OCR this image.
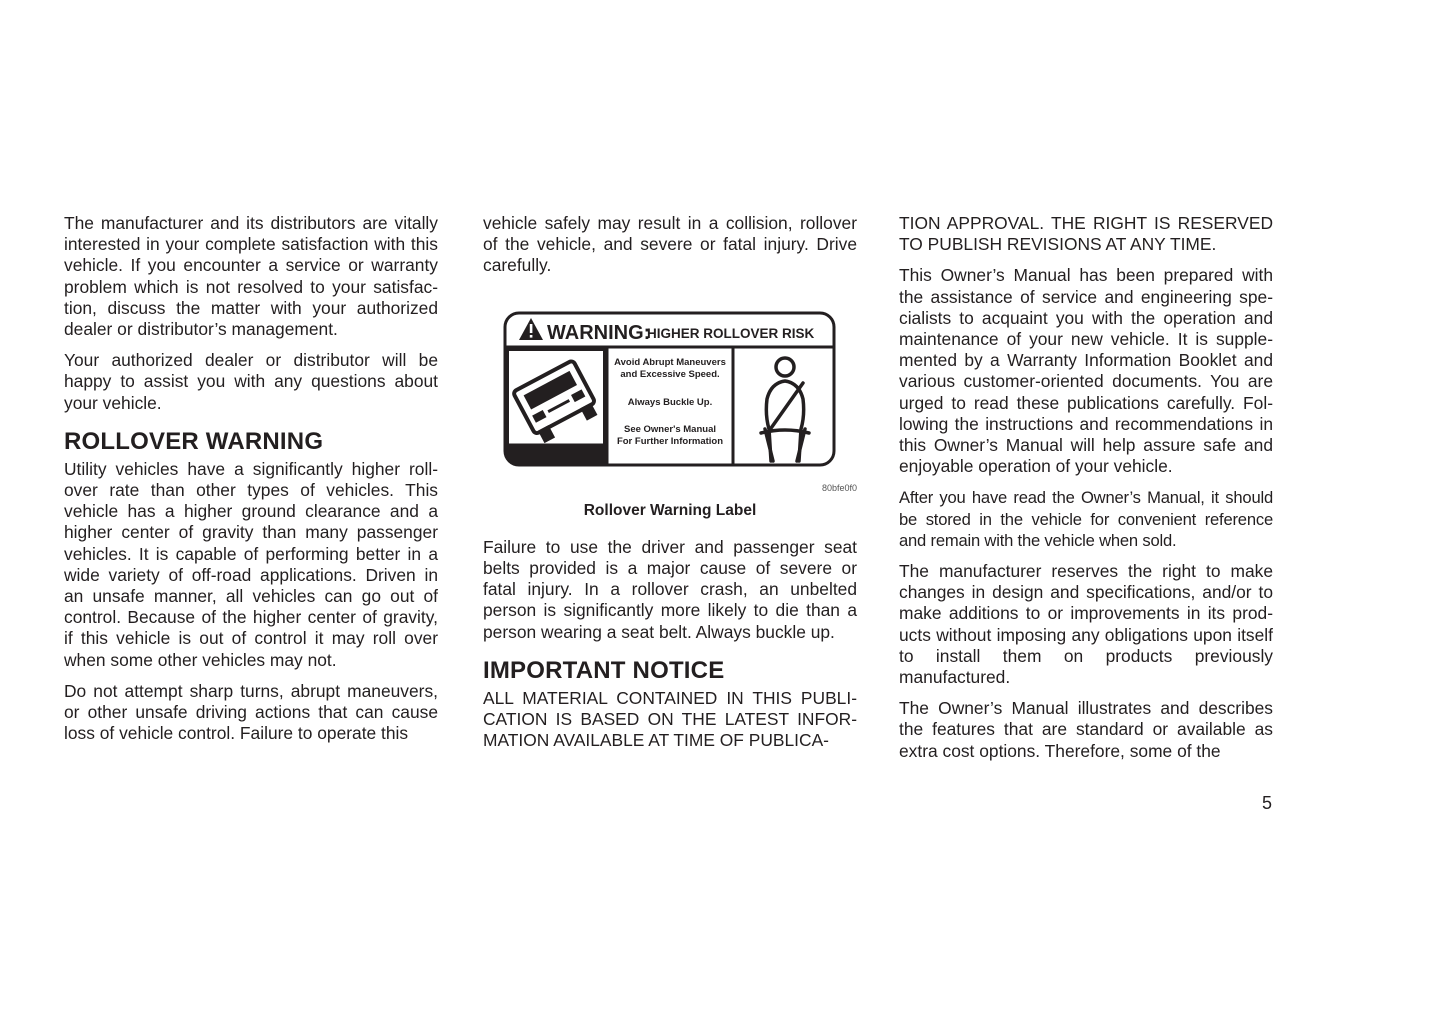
The manufacturer and its distributors are vitally interested in your complete satisfaction with this vehicle. If you encounter a service or warranty problem which is not resolved to your satisfaction, discuss the matter with your authorized dealer or distributor’s management.

Your authorized dealer or distributor will be happy to assist you with any questions about your vehicle.

ROLLOVER WARNING

Utility vehicles have a significantly higher rollover rate than other types of vehicles. This vehicle has a higher ground clearance and a higher center of gravity than many passenger vehicles. It is capable of performing better in a wide variety of off-road applications. Driven in an unsafe manner, all vehicles can go out of control. Because of the higher center of gravity, if this vehicle is out of control it may roll over when some other vehicles may not.

Do not attempt sharp turns, abrupt maneuvers, or other unsafe driving actions that can cause loss of vehicle control. Failure to operate this

vehicle safely may result in a collision, rollover of the vehicle, and severe or fatal injury. Drive carefully.

WARNING:
HIGHER ROLLOVER RISK
Avoid Abrupt Maneuvers
and Excessive Speed.
Always Buckle Up.
See Owner's Manual
For Further Information
80bfe0f0
Rollover Warning Label

Failure to use the driver and passenger seat belts provided is a major cause of severe or fatal injury. In a rollover crash, an unbelted person is significantly more likely to die than a person wearing a seat belt. Always buckle up.

IMPORTANT NOTICE

ALL MATERIAL CONTAINED IN THIS PUBLICATION IS BASED ON THE LATEST INFORMATION AVAILABLE AT TIME OF PUBLICA-

TION APPROVAL. THE RIGHT IS RESERVED TO PUBLISH REVISIONS AT ANY TIME.

This Owner’s Manual has been prepared with the assistance of service and engineering specialists to acquaint you with the operation and maintenance of your new vehicle. It is supplemented by a Warranty Information Booklet and various customer-oriented documents. You are urged to read these publications carefully. Following the instructions and recommendations in this Owner’s Manual will help assure safe and enjoyable operation of your vehicle.

After you have read the Owner’s Manual, it should be stored in the vehicle for convenient reference and remain with the vehicle when sold.

The manufacturer reserves the right to make changes in design and specifications, and/or to make additions to or improvements in its products without imposing any obligations upon itself to install them on products previously manufactured.

The Owner’s Manual illustrates and describes the features that are standard or available as extra cost options. Therefore, some of the

5
